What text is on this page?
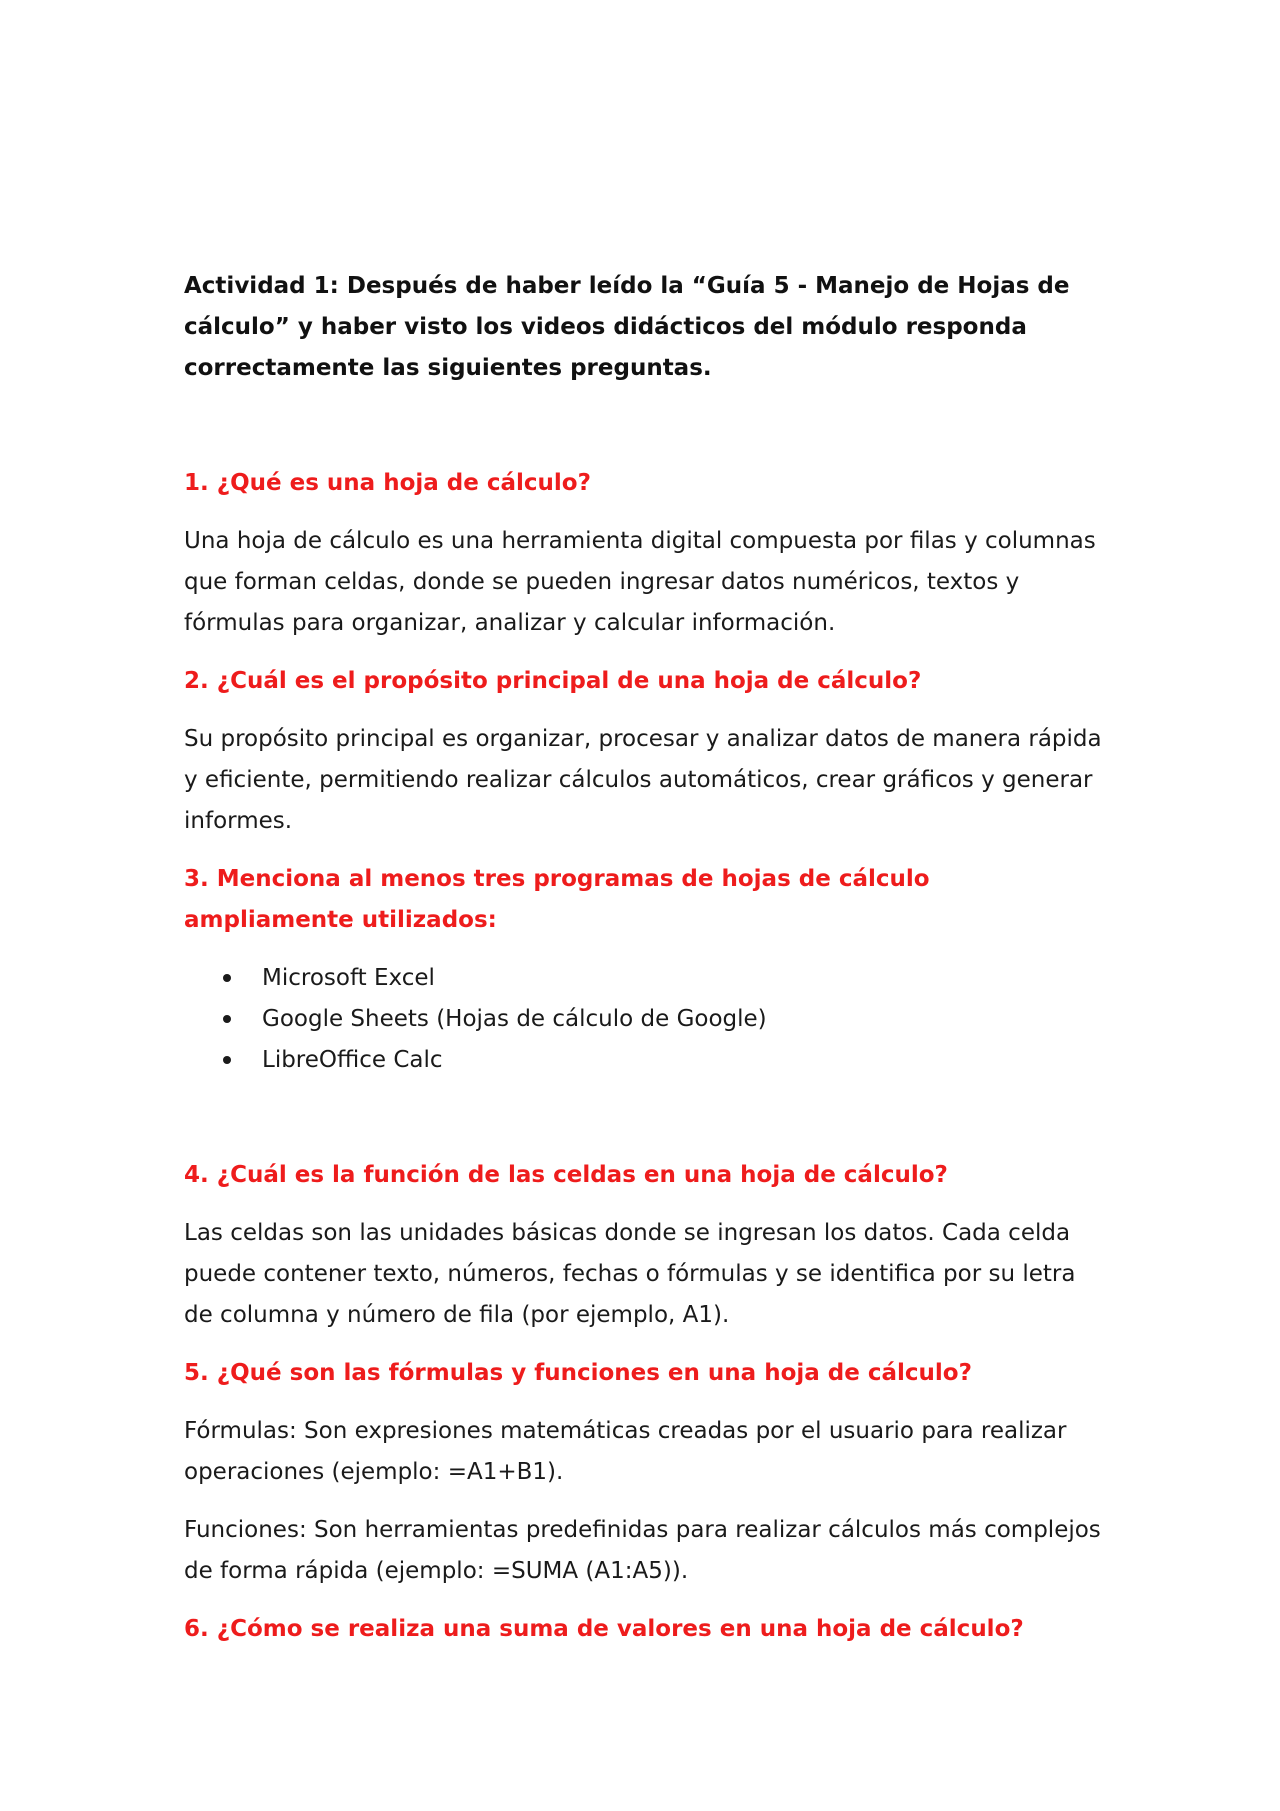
Actividad 1: Después de haber leído la “Guía 5 - Manejo de Hojas de cálculo” y haber visto los videos didácticos del módulo responda correctamente las siguientes preguntas.

1. ¿Qué es una hoja de cálculo?

Una hoja de cálculo es una herramienta digital compuesta por filas y columnas que forman celdas, donde se pueden ingresar datos numéricos, textos y fórmulas para organizar, analizar y calcular información.

2. ¿Cuál es el propósito principal de una hoja de cálculo?

Su propósito principal es organizar, procesar y analizar datos de manera rápida y eficiente, permitiendo realizar cálculos automáticos, crear gráficos y generar informes.

3. Menciona al menos tres programas de hojas de cálculo ampliamente utilizados:

Microsoft Excel
Google Sheets (Hojas de cálculo de Google)
LibreOffice Calc

4. ¿Cuál es la función de las celdas en una hoja de cálculo?

Las celdas son las unidades básicas donde se ingresan los datos. Cada celda puede contener texto, números, fechas o fórmulas y se identifica por su letra de columna y número de fila (por ejemplo, A1).

5. ¿Qué son las fórmulas y funciones en una hoja de cálculo?

Fórmulas: Son expresiones matemáticas creadas por el usuario para realizar operaciones (ejemplo: =A1+B1).

Funciones: Son herramientas predefinidas para realizar cálculos más complejos de forma rápida (ejemplo: =SUMA (A1:A5)).

6. ¿Cómo se realiza una suma de valores en una hoja de cálculo?
